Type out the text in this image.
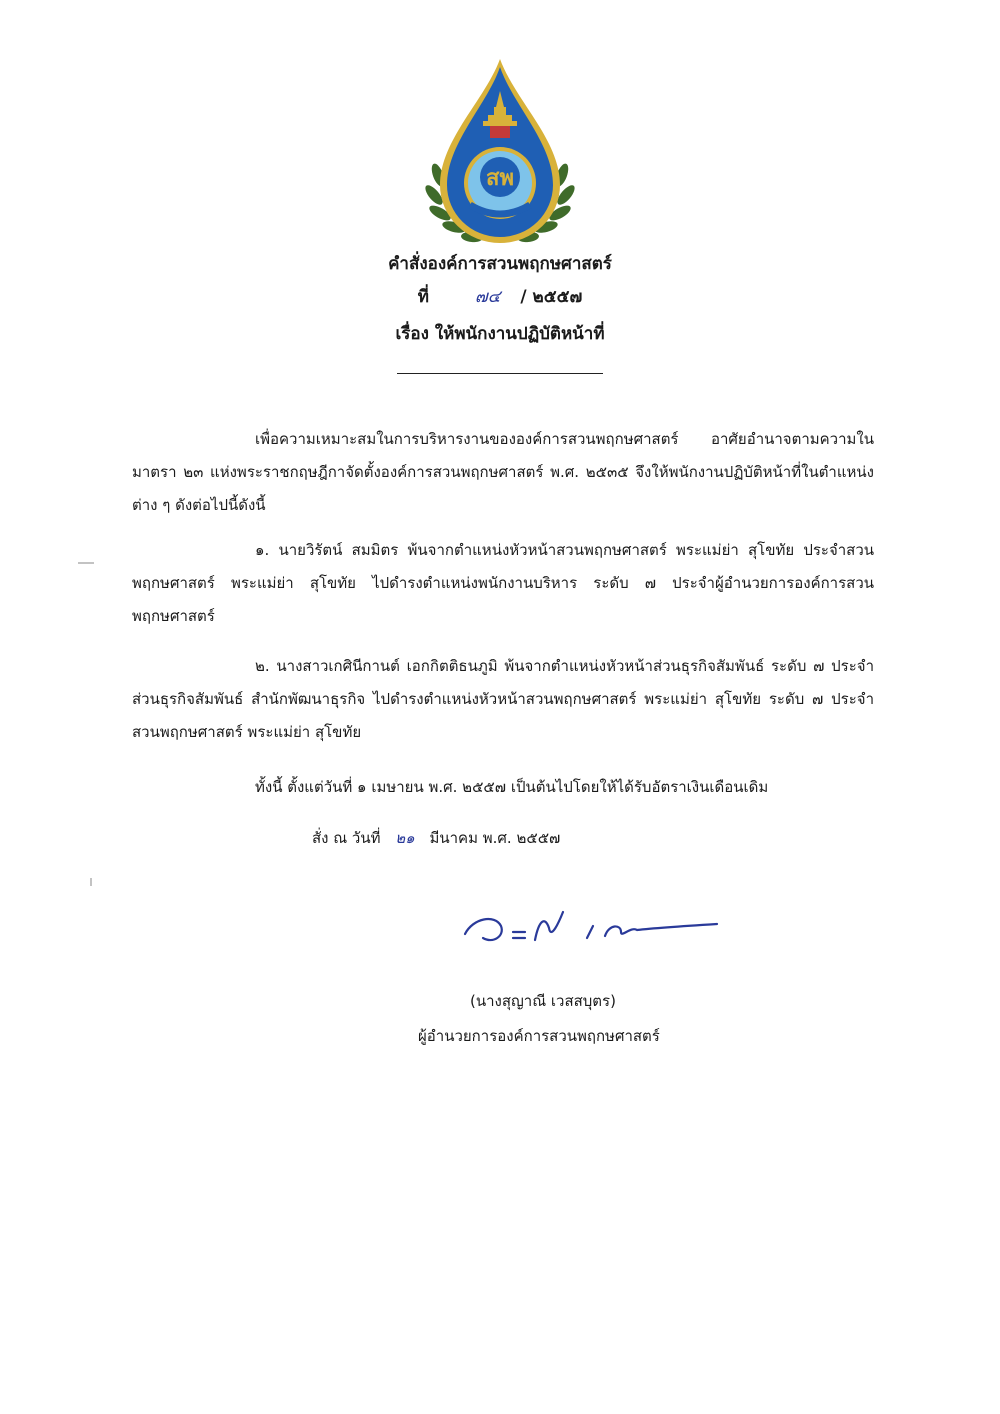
สพ
คำสั่งองค์การสวนพฤกษศาสตร์
ที่	๗๔ / ๒๕๕๗
เรื่อง ให้พนักงานปฏิบัติหน้าที่

เพื่อความเหมาะสมในการบริหารงานขององค์การสวนพฤกษศาสตร์ อาศัยอำนาจตามความในมาตรา ๒๓ แห่งพระราชกฤษฎีกาจัดตั้งองค์การสวนพฤกษศาสตร์ พ.ศ. ๒๕๓๕ จึงให้พนักงานปฏิบัติหน้าที่ในตำแหน่งต่าง ๆ ดังต่อไปนี้ดังนี้

๑. นายวิรัตน์ สมมิตร พ้นจากตำแหน่งหัวหน้าสวนพฤกษศาสตร์ พระแม่ย่า สุโขทัย ประจำสวนพฤกษศาสตร์ พระแม่ย่า สุโขทัย ไปดำรงตำแหน่งพนักงานบริหาร ระดับ ๗ ประจำผู้อำนวยการองค์การสวนพฤกษศาสตร์

๒. นางสาวเกศินีกานต์ เอกกิตติธนภูมิ พ้นจากตำแหน่งหัวหน้าส่วนธุรกิจสัมพันธ์ ระดับ ๗ ประจำส่วนธุรกิจสัมพันธ์ สำนักพัฒนาธุรกิจ ไปดำรงตำแหน่งหัวหน้าสวนพฤกษศาสตร์ พระแม่ย่า สุโขทัย ระดับ ๗ ประจำสวนพฤกษศาสตร์ พระแม่ย่า สุโขทัย

ทั้งนี้ ตั้งแต่วันที่ ๑ เมษายน พ.ศ. ๒๕๕๗ เป็นต้นไปโดยให้ได้รับอัตราเงินเดือนเดิม

สั่ง ณ วันที่ ๒๑ มีนาคม พ.ศ. ๒๕๕๗
(นางสุญาณี เวสสบุตร)
ผู้อำนวยการองค์การสวนพฤกษศาสตร์
